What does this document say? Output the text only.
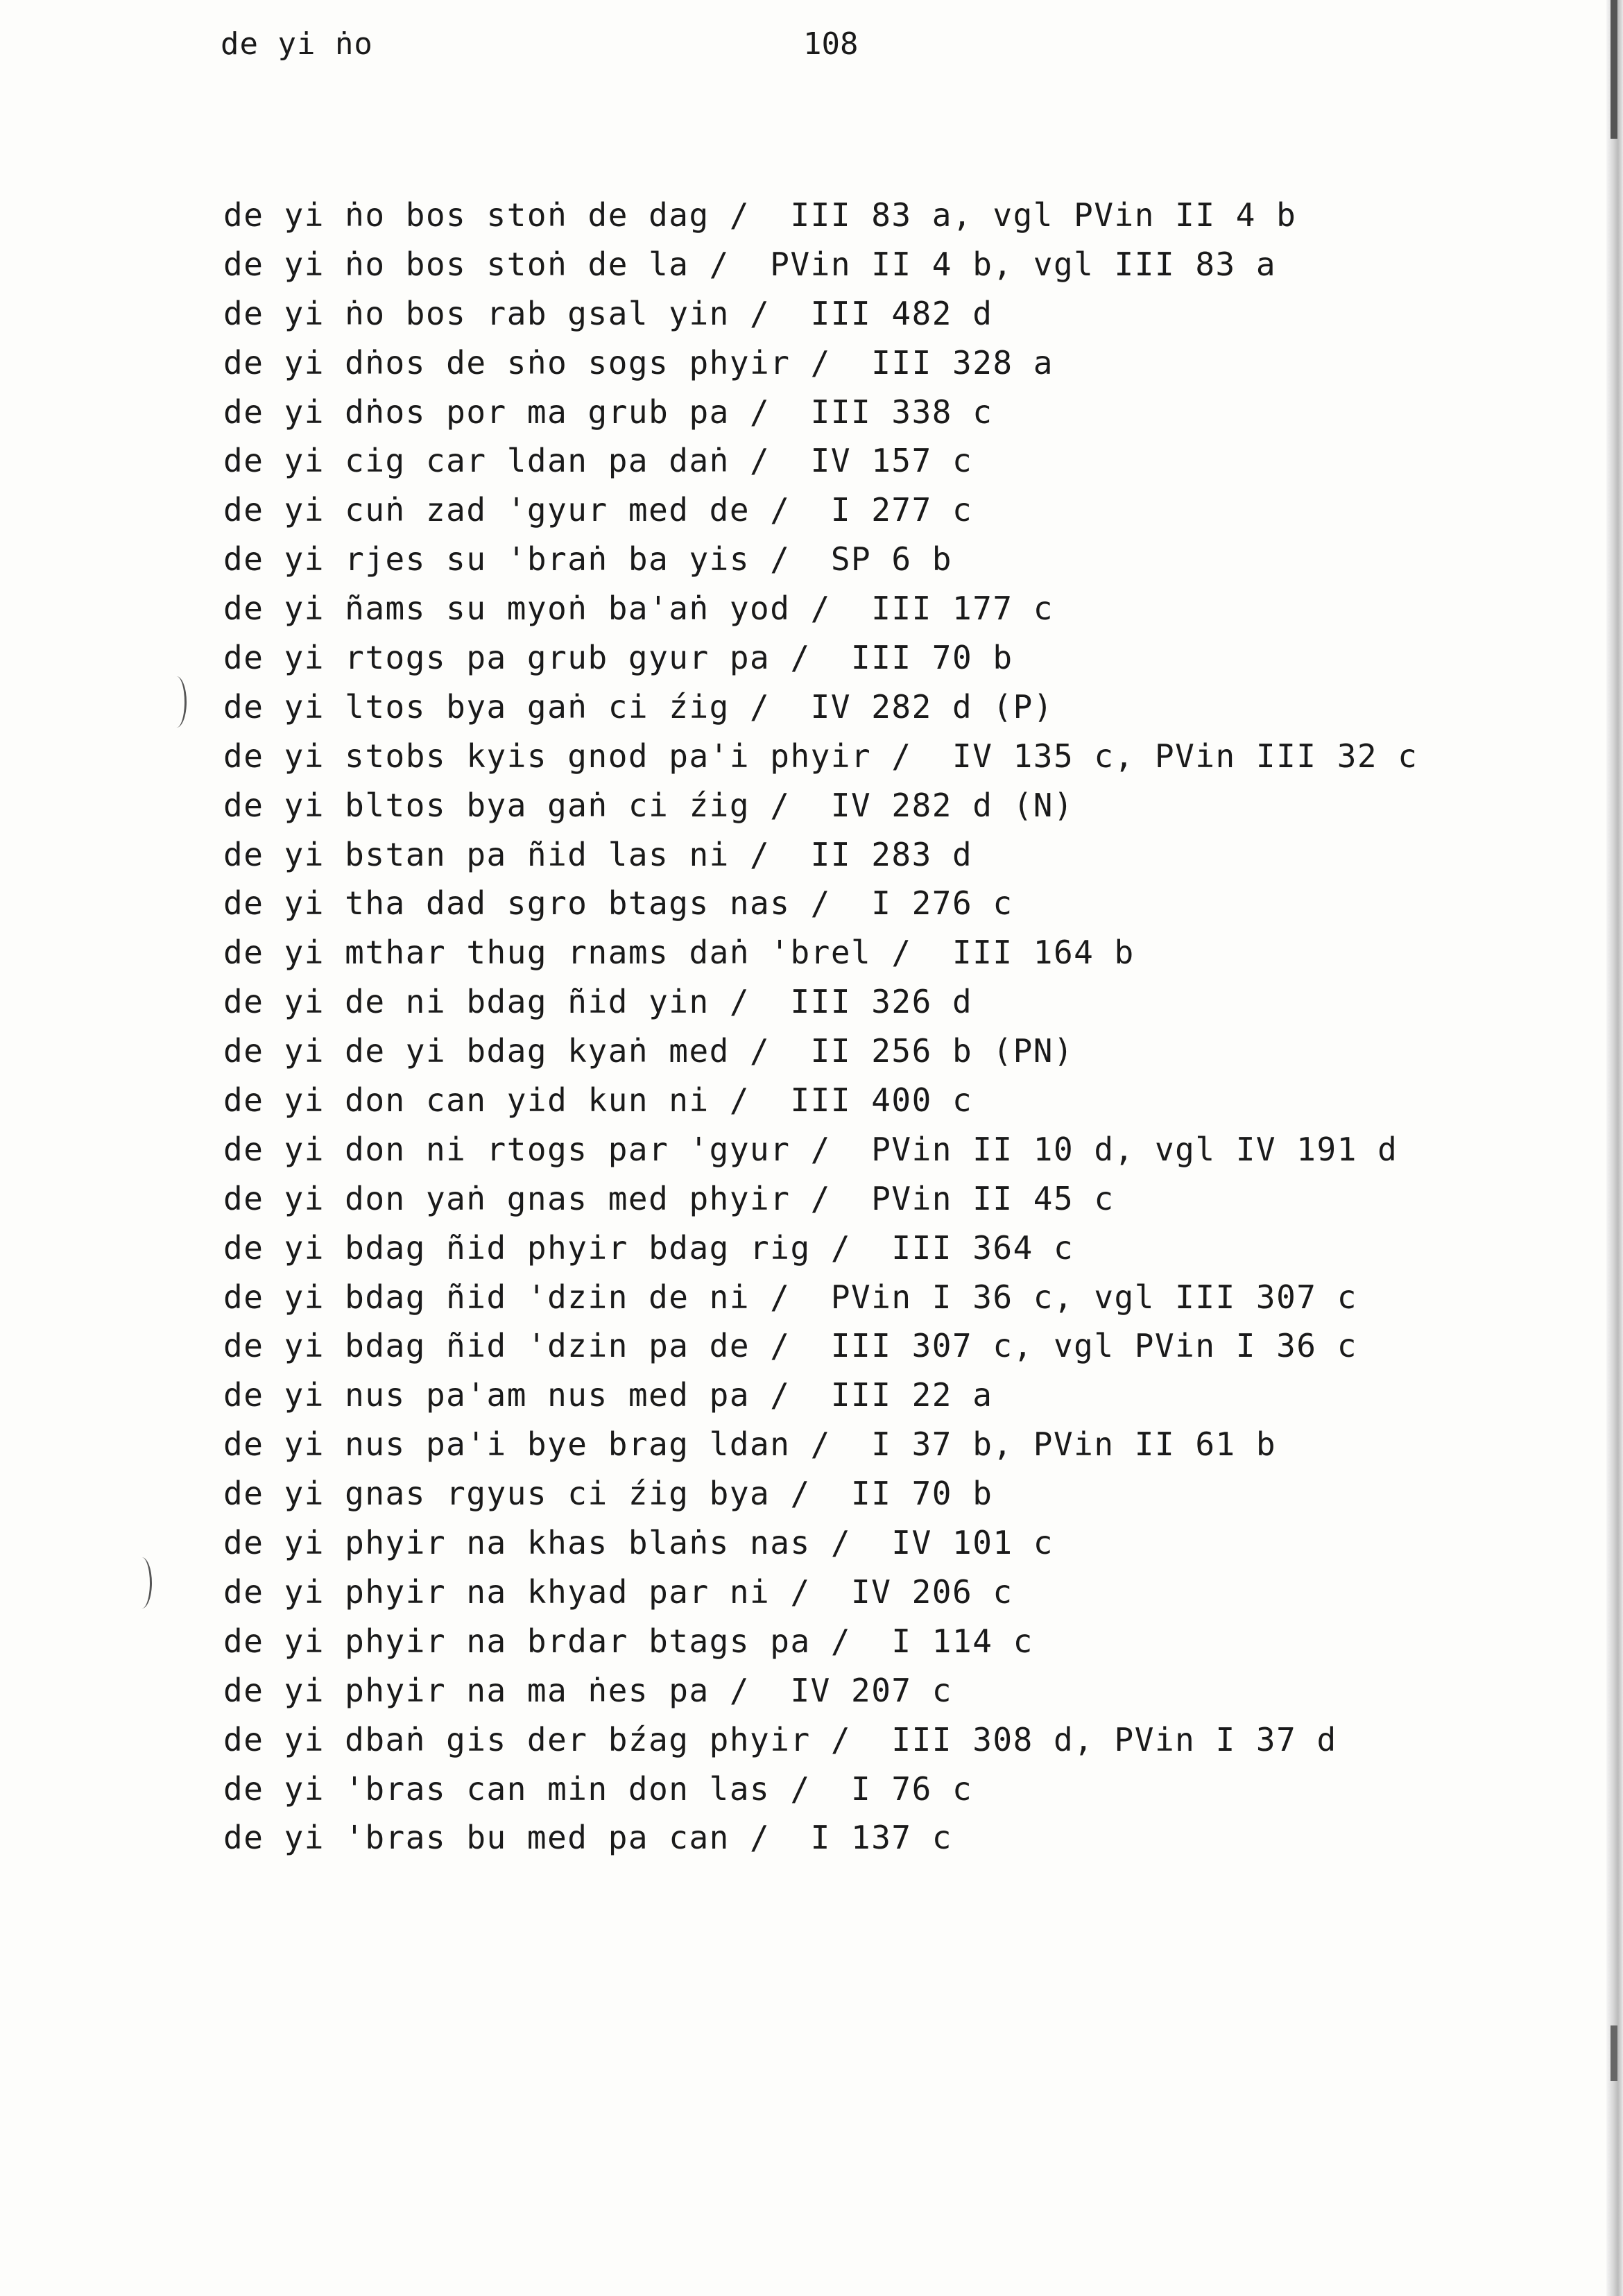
de yi ṅo	108
de yi ṅo bos stoṅ de dag /  III 83 a, vgl PVin II 4 b
de yi ṅo bos stoṅ de la /  PVin II 4 b, vgl III 83 a
de yi ṅo bos rab gsal yin /  III 482 d
de yi dṅos de sṅo sogs phyir /  III 328 a
de yi dṅos por ma grub pa /  III 338 c
de yi cig car ldan pa daṅ /  IV 157 c
de yi cuṅ zad 'gyur med de /  I 277 c
de yi rjes su 'braṅ ba yis /  SP 6 b
de yi ñams su myoṅ ba'aṅ yod /  III 177 c
de yi rtogs pa grub gyur pa /  III 70 b
de yi ltos bya gaṅ ci źig /  IV 282 d (P)
de yi stobs kyis gnod pa'i phyir /  IV 135 c, PVin III 32 c
de yi bltos bya gaṅ ci źig /  IV 282 d (N)
de yi bstan pa ñid las ni /  II 283 d
de yi tha dad sgro btags nas /  I 276 c
de yi mthar thug rnams daṅ 'brel /  III 164 b
de yi de ni bdag ñid yin /  III 326 d
de yi de yi bdag kyaṅ med /  II 256 b (PN)
de yi don can yid kun ni /  III 400 c
de yi don ni rtogs par 'gyur /  PVin II 10 d, vgl IV 191 d
de yi don yaṅ gnas med phyir /  PVin II 45 c
de yi bdag ñid phyir bdag rig /  III 364 c
de yi bdag ñid 'dzin de ni /  PVin I 36 c, vgl III 307 c
de yi bdag ñid 'dzin pa de /  III 307 c, vgl PVin I 36 c
de yi nus pa'am nus med pa /  III 22 a
de yi nus pa'i bye brag ldan /  I 37 b, PVin II 61 b
de yi gnas rgyus ci źig bya /  II 70 b
de yi phyir na khas blaṅs nas /  IV 101 c
de yi phyir na khyad par ni /  IV 206 c
de yi phyir na brdar btags pa /  I 114 c
de yi phyir na ma ṅes pa /  IV 207 c
de yi dbaṅ gis der bźag phyir /  III 308 d, PVin I 37 d
de yi 'bras can min don las /  I 76 c
de yi 'bras bu med pa can /  I 137 c
